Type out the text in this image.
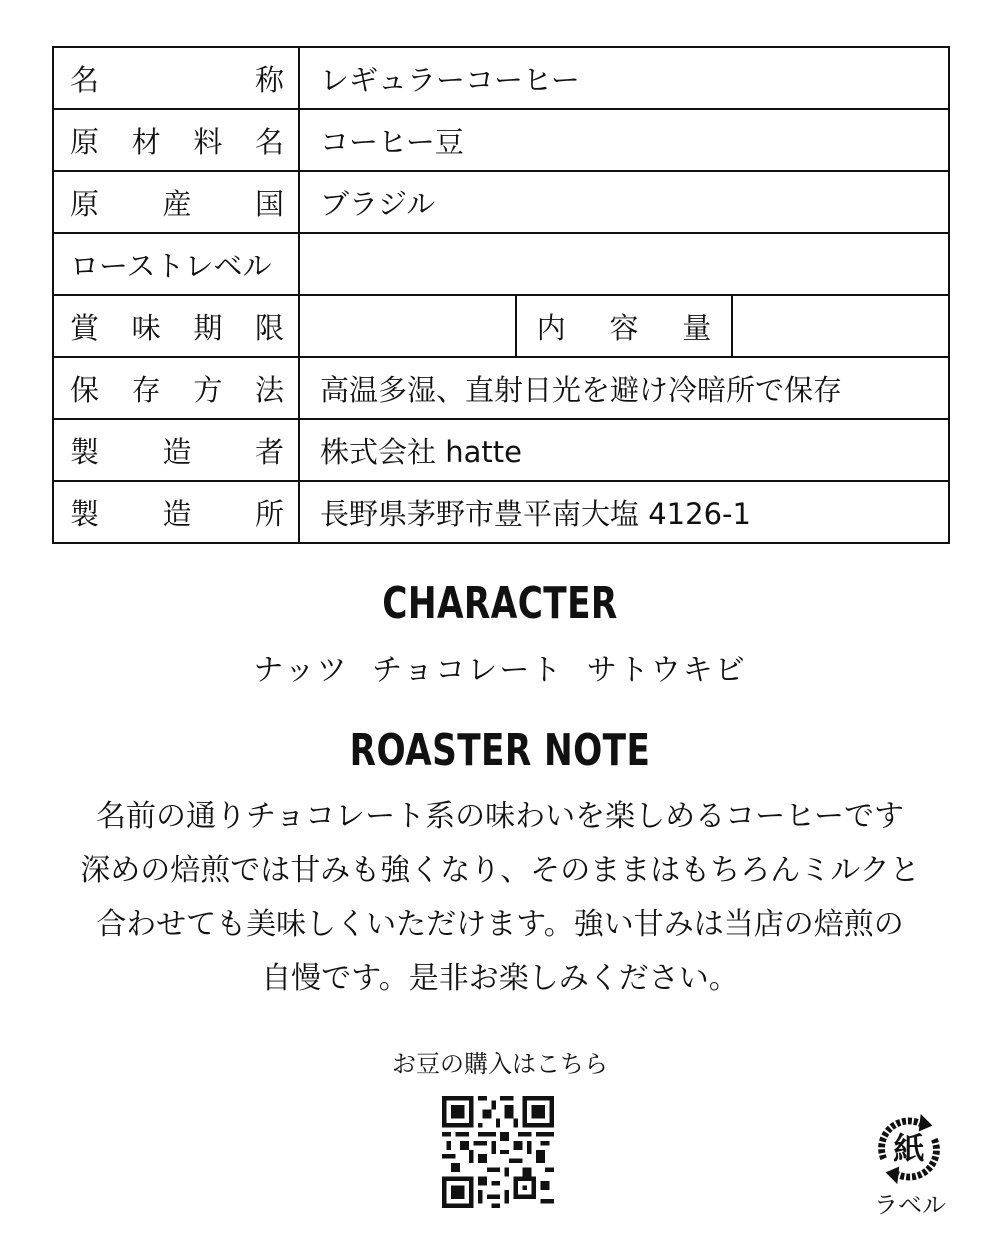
名 称	レギュラーコーヒー		

原 材 料 名	コーヒー豆		

原 産 国	ブラジル		

ローストレベル			

賞 味 期 限		内 容 量	

保 存 方 法	高温多湿、直射日光を避け冷暗所で保存		

製 造 者	株式会社 hatte		

製 造 所	長野県茅野市豊平南大塩 4126-1		
CHARACTER
ナッツ チョコレート サトウキビ
ROASTER NOTE
名前の通りチョコレート系の味わいを楽しめるコーヒーです
深めの焙煎では甘みも強くなり、そのままはもちろんミルクと
合わせても美味しくいただけます。強い甘みは当店の焙煎の
自慢です。是非お楽しみください。
お豆の購入はこちら
紙
ラベル
